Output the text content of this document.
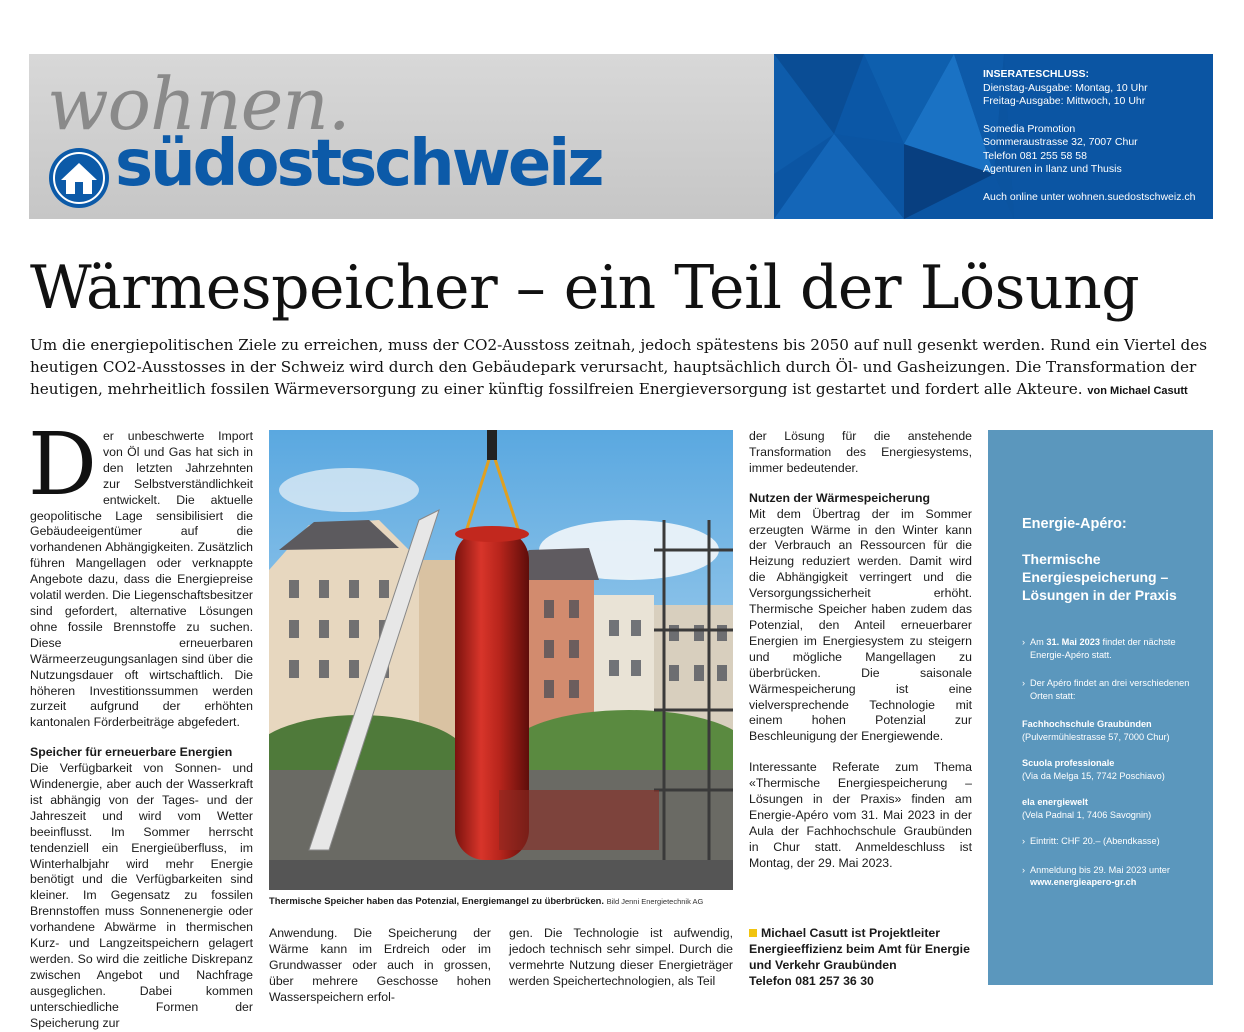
wohnen.
südostschweiz
INSERATESCHLUSS:
Dienstag-Ausgabe: Montag, 10 Uhr
Freitag-Ausgabe: Mittwoch, 10 Uhr
Somedia Promotion
Sommeraustrasse 32, 7007 Chur
Telefon 081 255 58 58
Agenturen in Ilanz und Thusis
Auch online unter wohnen.suedostschweiz.ch
Wärmespeicher – ein Teil der Lösung
Um die energiepolitischen Ziele zu erreichen, muss der CO2-Ausstoss zeitnah, jedoch spätestens bis 2050 auf null gesenkt werden. Rund ein Viertel des heutigen CO2-Ausstosses in der Schweiz wird durch den Gebäudepark verursacht, hauptsächlich durch Öl- und Gasheizungen. Die Transformation der heutigen, mehrheitlich fossilen Wärmeversorgung zu einer künftig fossilfreien Energieversorgung ist gestartet und fordert alle Akteure. von Michael Casutt
D er unbeschwerte Import von Öl und Gas hat sich in den letzten Jahrzehnten zur Selbstverständlichkeit entwickelt. Die aktuelle geopolitische Lage sensibilisiert die Gebäudeeigentümer auf die vorhandenen Abhängigkeiten. Zusätzlich führen Mangellagen oder verknappte Angebote dazu, dass die Energiepreise volatil werden. Die Liegenschaftsbesitzer sind gefordert, alternative Lösungen ohne fossile Brennstoffe zu suchen. Diese erneuerbaren Wärmeerzeugungsanlagen sind über die Nutzungsdauer oft wirtschaftlich. Die höheren Investitionssummen werden zurzeit aufgrund der erhöhten kantonalen Förderbeiträge abgefedert.
Speicher für erneuerbare Energien
Die Verfügbarkeit von Sonnen- und Windenergie, aber auch der Wasserkraft ist abhängig von der Tages- und der Jahreszeit und wird vom Wetter beeinflusst. Im Sommer herrscht tendenziell ein Energieüberfluss, im Winterhalbjahr wird mehr Energie benötigt und die Verfügbarkeiten sind kleiner. Im Gegensatz zu fossilen Brennstoffen muss Sonnenenergie oder vorhandene Abwärme in thermischen Kurz- und Langzeitspeichern gelagert werden. So wird die zeitliche Diskrepanz zwischen Angebot und Nachfrage ausgeglichen. Dabei kommen unterschiedliche Formen der Speicherung zur
Thermische Speicher haben das Potenzial, Energiemangel zu überbrücken. Bild Jenni Energietechnik AG
Anwendung. Die Speicherung der Wärme kann im Erdreich oder im Grundwasser oder auch in grossen, über mehrere Geschosse hohen Wasserspeichern erfol-
gen. Die Technologie ist aufwendig, jedoch technisch sehr simpel. Durch die vermehrte Nutzung dieser Energieträger werden Speichertechnologien, als Teil
der Lösung für die anstehende Transformation des Energiesystems, immer bedeutender.
Nutzen der Wärmespeicherung
Mit dem Übertrag der im Sommer erzeugten Wärme in den Winter kann der Verbrauch an Ressourcen für die Heizung reduziert werden. Damit wird die Abhängigkeit verringert und die Versorgungssicherheit erhöht. Thermische Speicher haben zudem das Potenzial, den Anteil erneuerbarer Energien im Energiesystem zu steigern und mögliche Mangellagen zu überbrücken. Die saisonale Wärmespeicherung ist eine vielversprechende Technologie mit einem hohen Potenzial zur Beschleunigung der Energiewende.
Interessante Referate zum Thema «Thermische Energiespeicherung – Lösungen in der Praxis» finden am Energie-Apéro vom 31. Mai 2023 in der Aula der Fachhochschule Graubünden in Chur statt. Anmeldeschluss ist Montag, der 29. Mai 2023.
Michael Casutt ist Projektleiter Energieeffizienz beim Amt für Energie und Verkehr Graubünden
Telefon 081 257 36 30
Energie-Apéro:
Thermische Energiespeicherung – Lösungen in der Praxis
› Am 31. Mai 2023 findet der nächste Energie-Apéro statt.
› Der Apéro findet an drei verschiedenen Orten statt:
Fachhochschule Graubünden
(Pulvermühlestrasse 57, 7000 Chur)
Scuola professionale
(Via da Melga 15, 7742 Poschiavo)
ela energiewelt
(Vela Padnal 1, 7406 Savognin)
› Eintritt: CHF 20.– (Abendkasse)
› Anmeldung bis 29. Mai 2023 unter
www.energieapero-gr.ch
